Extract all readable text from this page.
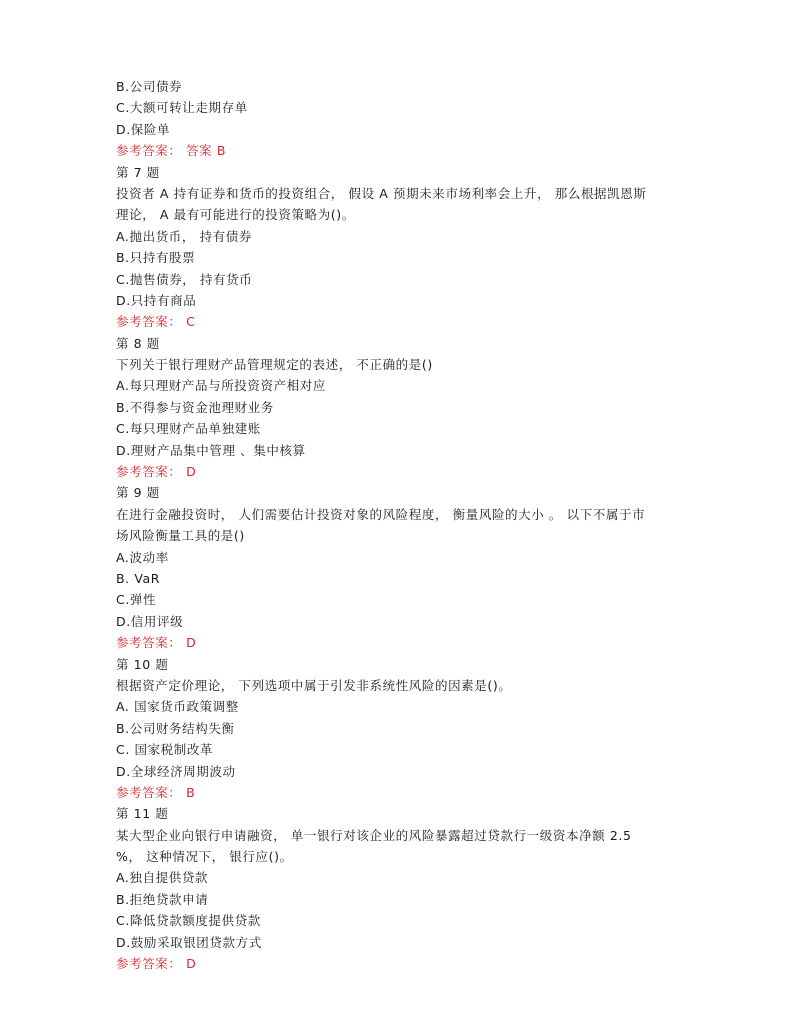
B.公司债券
C.大额可转让走期存单
D.保险单
参考答案： 答案 B
第 7 题
投资者 A 持有证券和货币的投资组合， 假设 A 预期未来市场利率会上升， 那么根据凯恩斯
理论， A 最有可能进行的投资策略为()。
A.抛出货币， 持有债券
B.只持有股票
C.抛售债券， 持有货币
D.只持有商品
参考答案： C
第 8 题
下列关于银行理财产品管理规定的表述， 不正确的是()
A.每只理财产品与所投资资产相对应
B.不得参与资金池理财业务
C.每只理财产品单独建账
D.理财产品集中管理 、集中核算
参考答案： D
第 9 题
在进行金融投资时， 人们需要估计投资对象的风险程度， 衡量风险的大小 。 以下不属于市
场风险衡量工具的是()
A.波动率
B. VaR
C.弹性
D.信用评级
参考答案： D
第 10 题
根据资产定价理论， 下列选项中属于引发非系统性风险的因素是()。
A. 国家货币政策调整
B.公司财务结构失衡
C. 国家税制改革
D.全球经济周期波动
参考答案： B
第 11 题
某大型企业向银行申请融资， 单一银行对该企业的风险暴露超过贷款行一级资本净额 2.5
%， 这种情况下， 银行应()。
A.独自提供贷款
B.拒绝贷款申请
C.降低贷款额度提供贷款
D.鼓励采取银团贷款方式
参考答案： D
